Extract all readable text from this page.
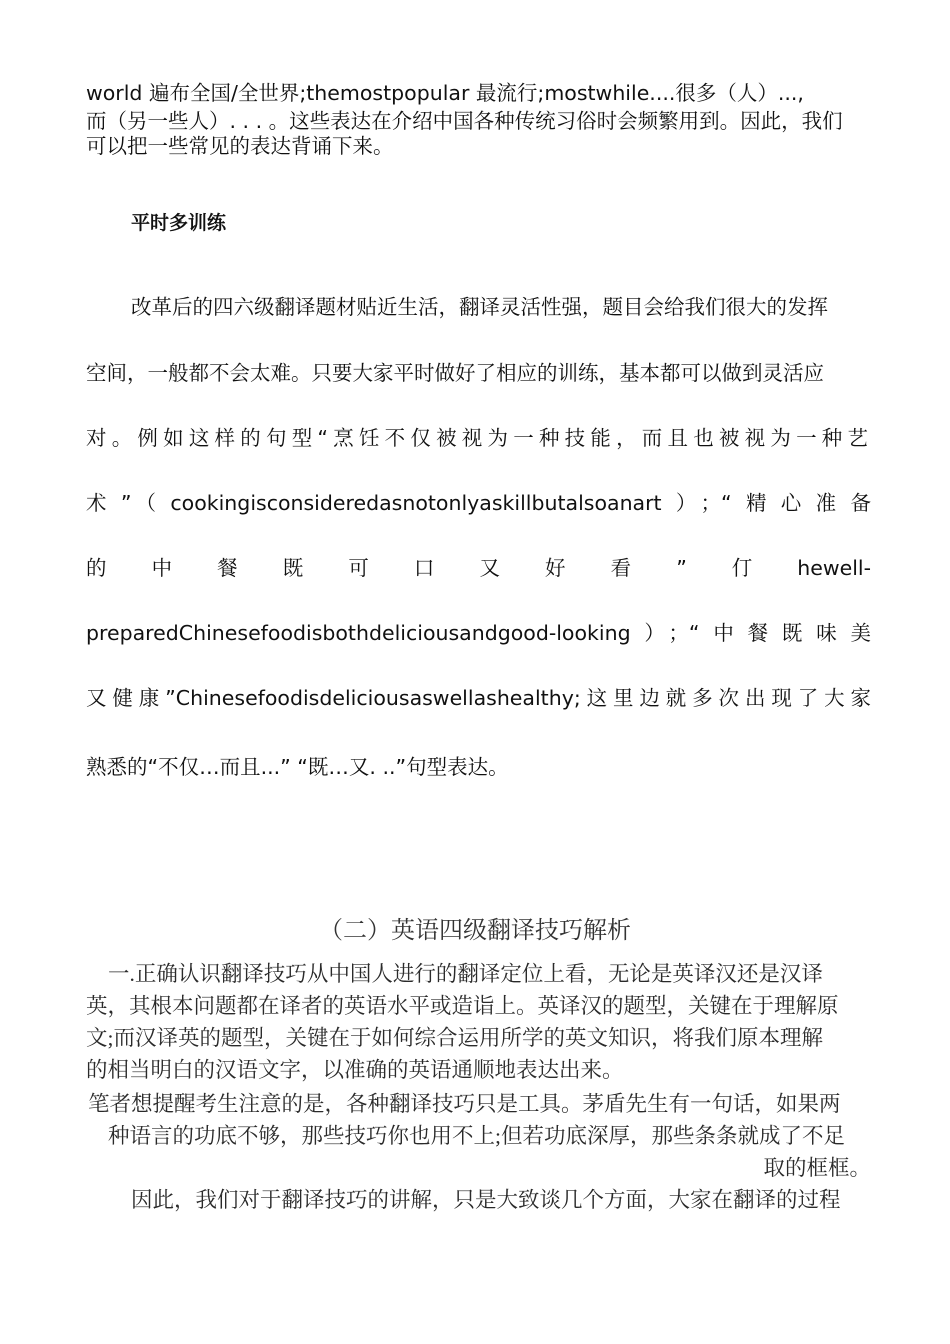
world 遍布全国/全世界;themostpopular 最流行;mostwhile....很多（人）...,
而（另一些人）. . . 。这些表达在介绍中国各种传统习俗时会频繁用到。因此，我们
可以把一些常见的表达背诵下来。
平时多训练
改革后的四六级翻译题材贴近生活，翻译灵活性强，题目会给我们很大的发挥
空间，一般都不会太难。只要大家平时做好了相应的训练，基本都可以做到灵活应
对。例如这样的句型“烹饪不仅被视为一种技能，而且也被视为一种艺
术”（cookingisconsideredasnotonlyaskillbutalsoanart）；“精心准备
的 中 餐 既 可 口 又 好 看 ” 仃 hewell-
preparedChinesefoodisbothdeliciousandgood-looking）；“中餐既味美
又健康”Chinesefoodisdeliciousaswellashealthy;这里边就多次出现了大家
熟悉的“不仅…而且...” “既…又. ..”句型表达。
（二）英语四级翻译技巧解析
一.正确认识翻译技巧从中国人进行的翻译定位上看，无论是英译汉还是汉译
英，其根本问题都在译者的英语水平或造诣上。英译汉的题型，关键在于理解原
文;而汉译英的题型，关键在于如何综合运用所学的英文知识，将我们原本理解
的相当明白的汉语文字，以准确的英语通顺地表达出来。
笔者想提醒考生注意的是，各种翻译技巧只是工具。茅盾先生有一句话，如果两
种语言的功底不够，那些技巧你也用不上;但若功底深厚，那些条条就成了不足
取的框框。
因此，我们对于翻译技巧的讲解，只是大致谈几个方面，大家在翻译的过程
